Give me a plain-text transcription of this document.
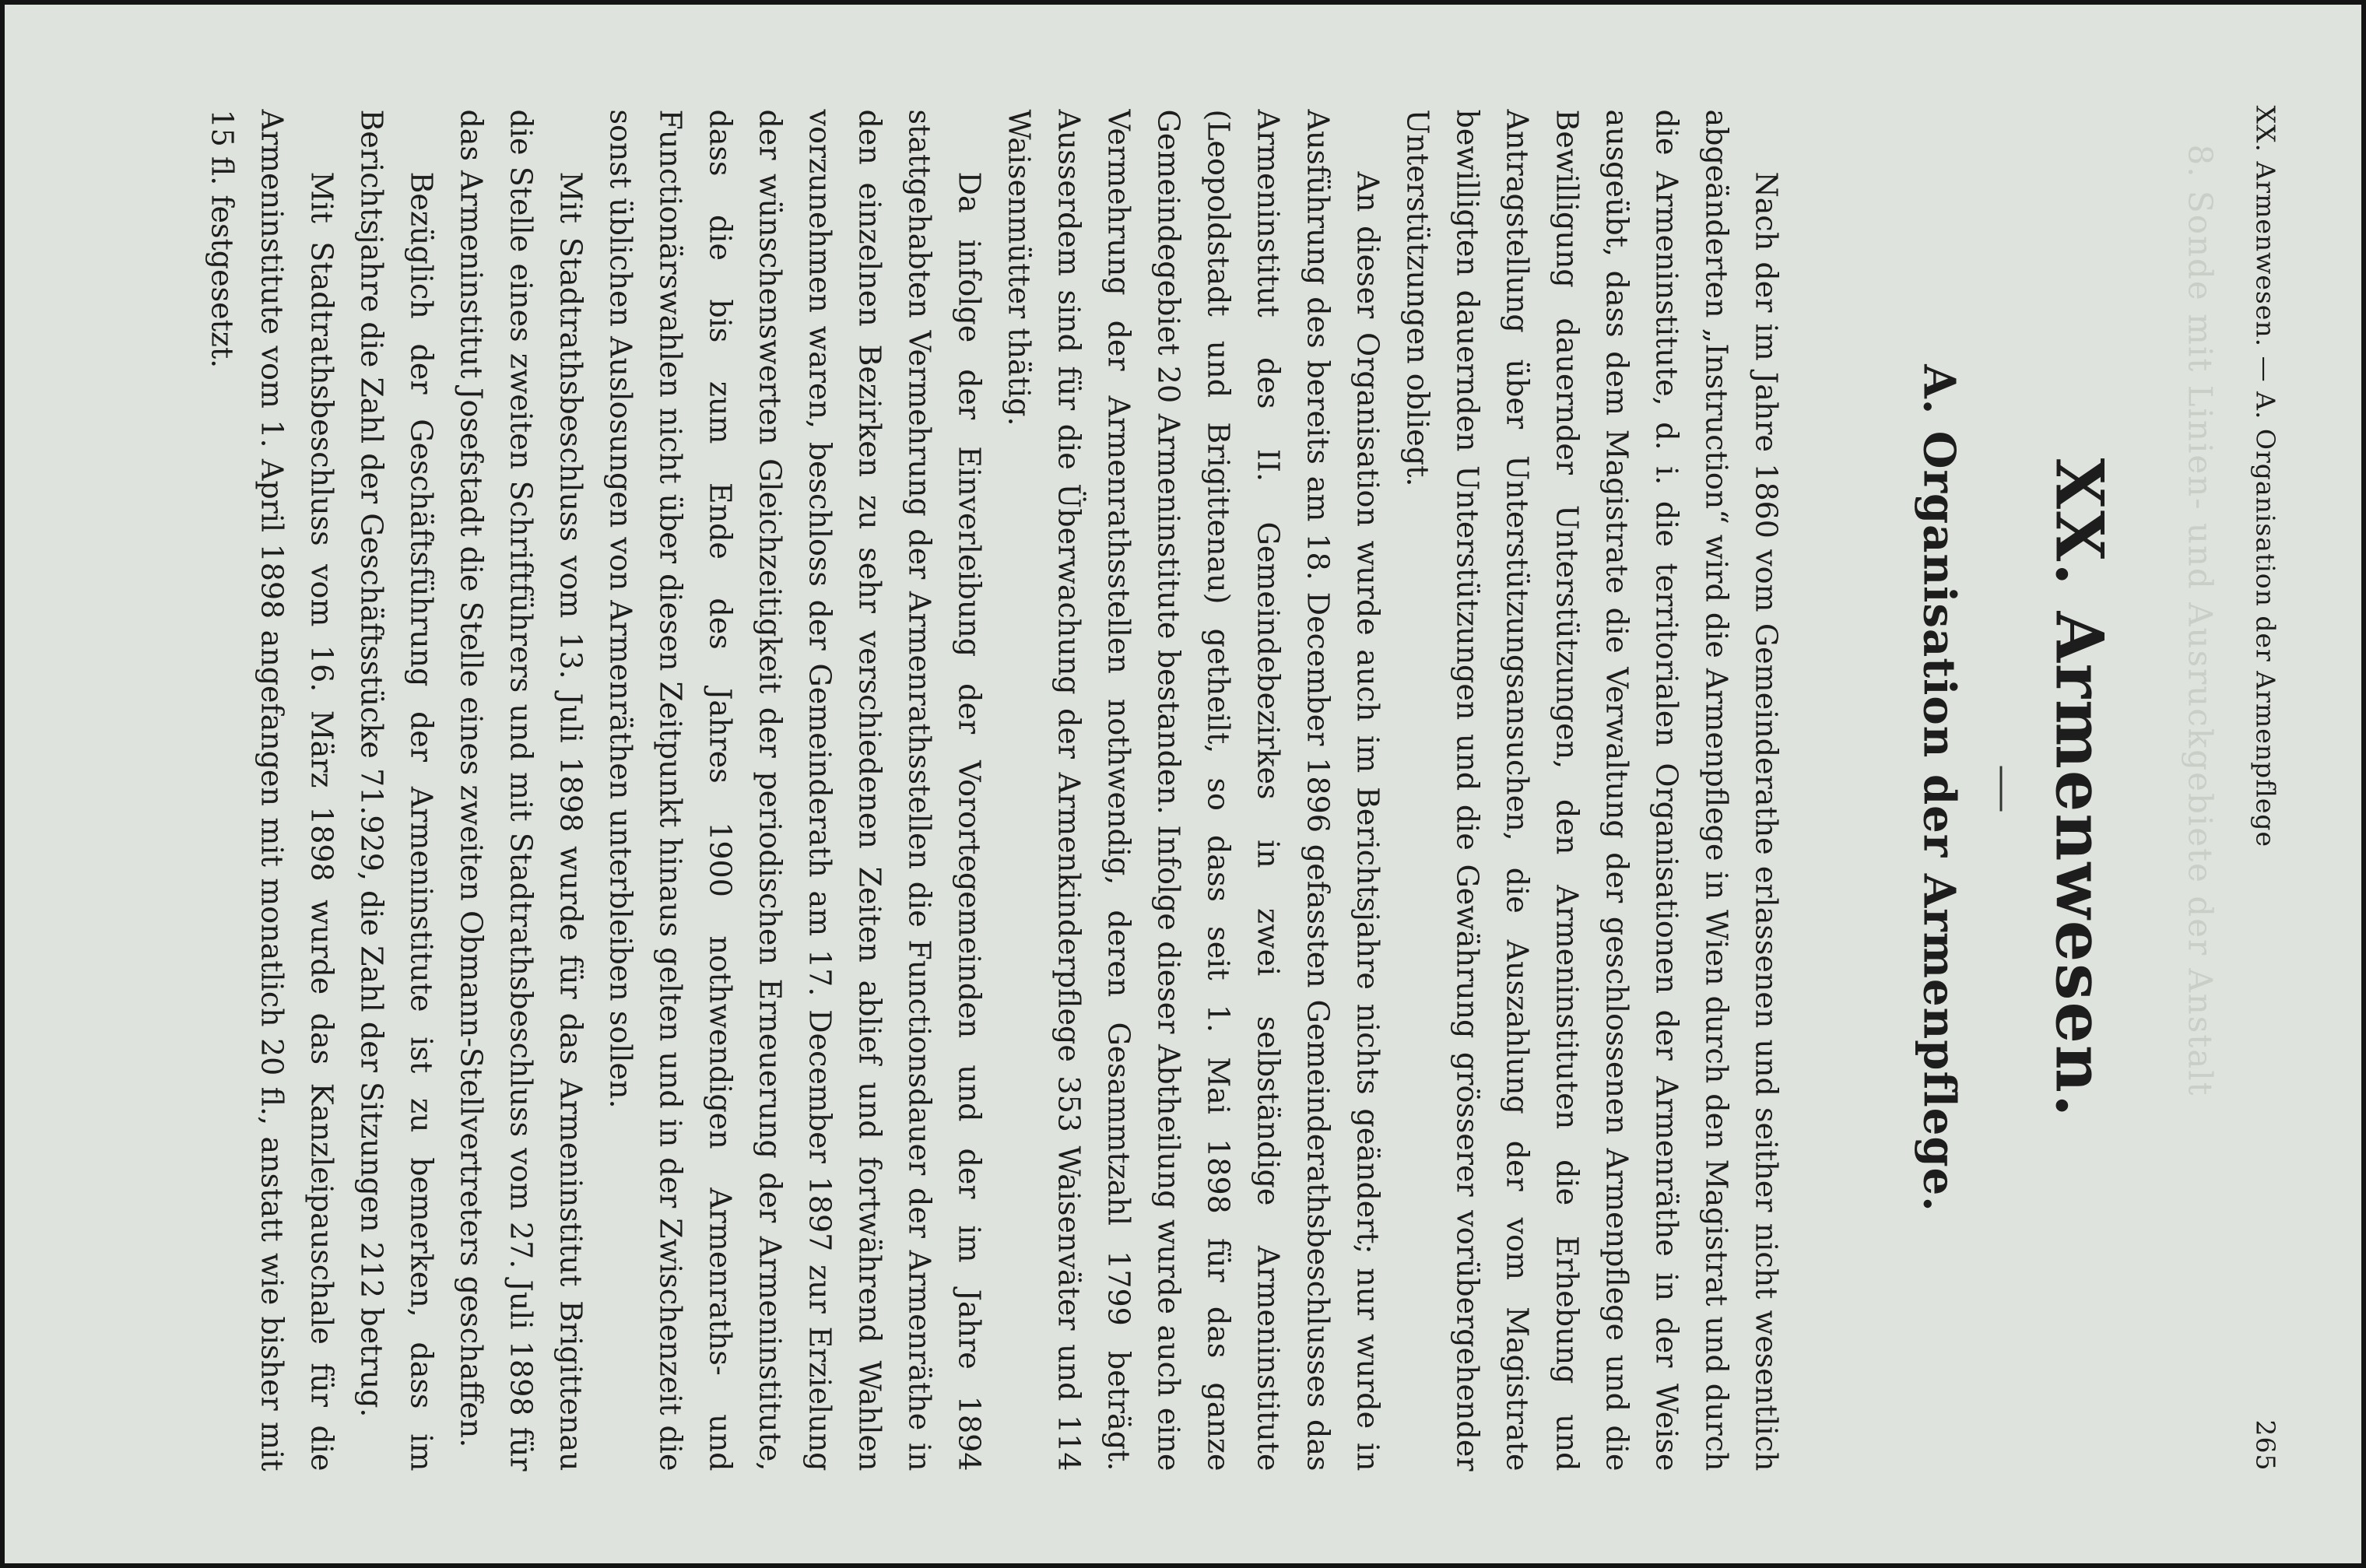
XX. Armenwesen. — A. Organisation der Armenpflege
265
8. Sonde mit Linien- und Ausruckgebiete der Anstalt
XX. Armenwesen.
A. Organisation der Armenpflege.

Nach der im Jahre 1860 vom Gemeinderathe erlassenen und seither nicht wesentlich abgeänderten „Instruction“ wird die Armenpflege in Wien durch den Magistrat und durch die Armeninstitute, d. i. die territorialen Organisationen der Armenräthe in der Weise ausgeübt, dass dem Magistrate die Verwaltung der geschlossenen Armenpflege und die Bewilligung dauernder Unterstützungen, den Armeninstituten die Erhebung und Antragstellung über Unterstützungsansuchen, die Auszahlung der vom Magistrate bewilligten dauernden Unterstützungen und die Gewährung grösserer vorübergehender Unterstützungen obliegt.

An dieser Organisation wurde auch im Berichtsjahre nichts geändert; nur wurde in Ausführung des bereits am 18. December 1896 gefassten Gemeinderathsbeschlusses das Armeninstitut des II. Gemeindebezirkes in zwei selbständige Armeninstitute (Leopoldstadt und Brigittenau) getheilt, so dass seit 1. Mai 1898 für das ganze Gemeindegebiet 20 Armeninstitute bestanden. Infolge dieser Abtheilung wurde auch eine Vermehrung der Armenrathsstellen nothwendig, deren Gesammtzahl 1799 beträgt. Ausserdem sind für die Überwachung der Armenkinderpflege 353 Waisenväter und 114 Waisenmütter thätig.

Da infolge der Einverleibung der Vorortegemeinden und der im Jahre 1894 stattgehabten Vermehrung der Armenrathsstellen die Functionsdauer der Armenräthe in den einzelnen Bezirken zu sehr verschiedenen Zeiten ablief und fortwährend Wahlen vorzunehmen waren, beschloss der Gemeinderath am 17. December 1897 zur Erzielung der wünschenswerten Gleichzeitigkeit der periodischen Erneuerung der Armeninstitute, dass die bis zum Ende des Jahres 1900 nothwendigen Armenraths- und Functionärswahlen nicht über diesen Zeitpunkt hinaus gelten und in der Zwischenzeit die sonst üblichen Auslosungen von Armenräthen unterbleiben sollen.

Mit Stadtrathsbeschluss vom 13. Juli 1898 wurde für das Armeninstitut Brigittenau die Stelle eines zweiten Schriftführers und mit Stadtrathsbeschluss vom 27. Juli 1898 für das Armeninstitut Josefstadt die Stelle eines zweiten Obmann-Stellvertreters geschaffen.

Bezüglich der Geschäftsführung der Armeninstitute ist zu bemerken, dass im Berichtsjahre die Zahl der Geschäftsstücke 71.929, die Zahl der Sitzungen 212 betrug.

Mit Stadtrathsbeschluss vom 16. März 1898 wurde das Kanzleipauschale für die Armeninstitute vom 1. April 1898 angefangen mit monatlich 20 fl., anstatt wie bisher mit 15 fl. festgesetzt.
